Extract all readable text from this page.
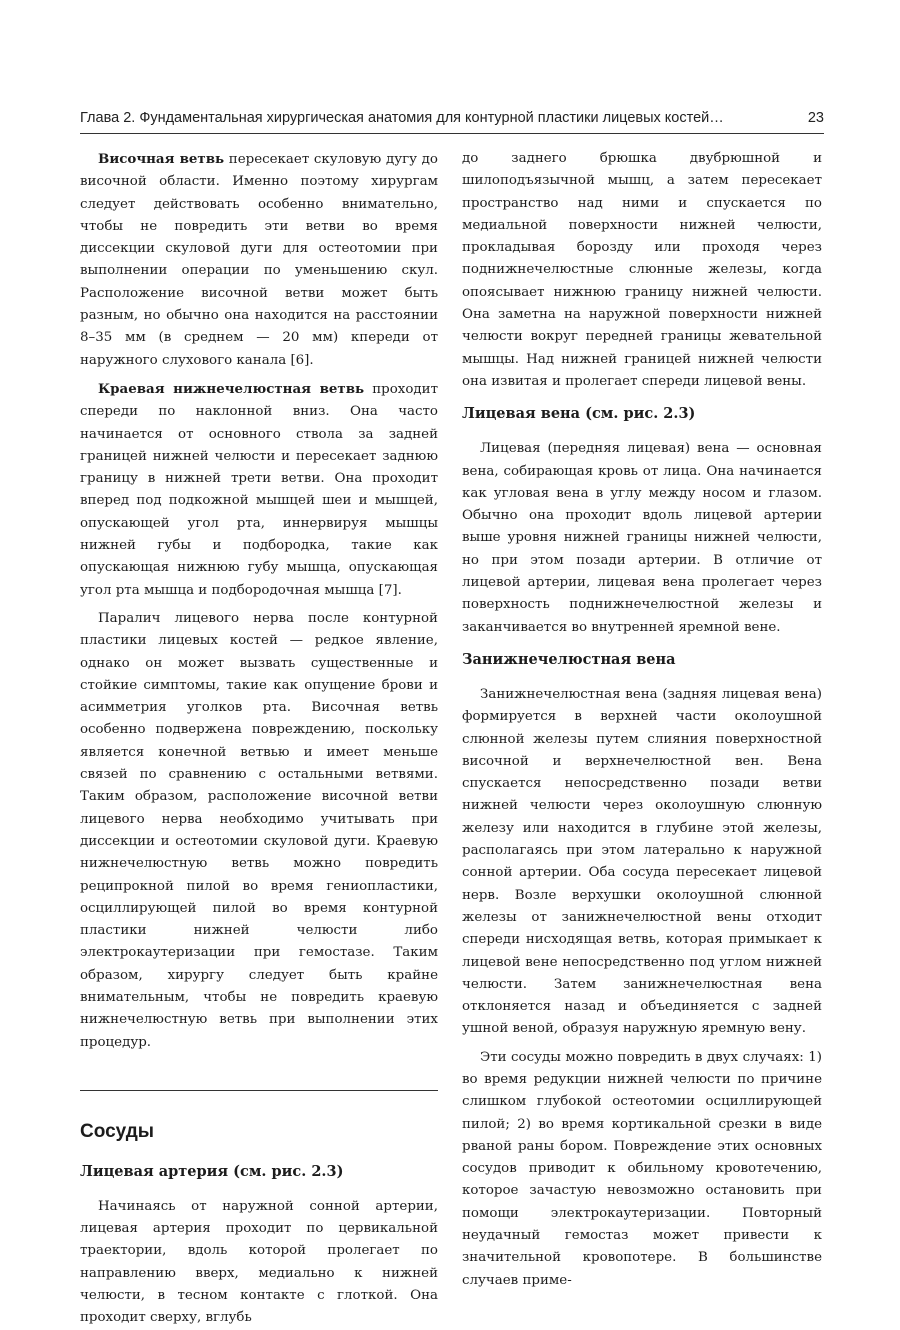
Глава 2. Фундаментальная хирургическая анатомия для контурной пластики лицевых костей…	23

Височная ветвь пересекает скуловую дугу до височной области. Именно поэтому хирургам следует действовать особенно внимательно, чтобы не повредить эти ветви во время диссекции скуловой дуги для остеотомии при выполнении операции по уменьшению скул. Расположение височной ветви может быть разным, но обычно она находится на расстоянии 8–35 мм (в среднем — 20 мм) кпереди от наружного слухового канала [6].

Краевая нижнечелюстная ветвь проходит спереди по наклонной вниз. Она часто начинается от основного ствола за задней границей нижней челюсти и пересекает заднюю границу в нижней трети ветви. Она проходит вперед под подкожной мышцей шеи и мышцей, опускающей угол рта, иннервируя мышцы нижней губы и подбородка, такие как опускающая нижнюю губу мышца, опускающая угол рта мышца и подбородочная мышца [7].

Паралич лицевого нерва после контурной пластики лицевых костей — редкое явление, однако он может вызвать существенные и стойкие симптомы, такие как опущение брови и асимметрия уголков рта. Височная ветвь особенно подвержена повреждению, поскольку является конечной ветвью и имеет меньше связей по сравнению с остальными ветвями. Таким образом, расположение височной ветви лицевого нерва необходимо учитывать при диссекции и остеотомии скуловой дуги. Краевую нижнечелюстную ветвь можно повредить реципрокной пилой во время гениопластики, осциллирующей пилой во время контурной пластики нижней челюсти либо электрокаутеризации при гемостазе. Таким образом, хирургу следует быть крайне внимательным, чтобы не повредить краевую нижнечелюстную ветвь при выполнении этих процедур.

Сосуды
Лицевая артерия (см. рис. 2.3)

Начинаясь от наружной сонной артерии, лицевая артерия проходит по цервикальной траектории, вдоль которой пролегает по направлению вверх, медиально к нижней челюсти, в тесном контакте с глоткой. Она проходит сверху, вглубь

до заднего брюшка двубрюшной и шилоподъязычной мышц, а затем пересекает пространство над ними и спускается по медиальной поверхности нижней челюсти, прокладывая борозду или проходя через поднижнечелюстные слюнные железы, когда опоясывает нижнюю границу нижней челюсти. Она заметна на наружной поверхности нижней челюсти вокруг передней границы жевательной мышцы. Над нижней границей нижней челюсти она извитая и пролегает спереди лицевой вены.

Лицевая вена (см. рис. 2.3)

Лицевая (передняя лицевая) вена — основная вена, собирающая кровь от лица. Она начинается как угловая вена в углу между носом и глазом. Обычно она проходит вдоль лицевой артерии выше уровня нижней границы нижней челюсти, но при этом позади артерии. В отличие от лицевой артерии, лицевая вена пролегает через поверхность поднижнечелюстной железы и заканчивается во внутренней яремной вене.

Занижнечелюстная вена

Занижнечелюстная вена (задняя лицевая вена) формируется в верхней части околоушной слюнной железы путем слияния поверхностной височной и верхнечелюстной вен. Вена спускается непосредственно позади ветви нижней челюсти через околоушную слюнную железу или находится в глубине этой железы, располагаясь при этом латерально к наружной сонной артерии. Оба сосуда пересекает лицевой нерв. Возле верхушки околоушной слюнной железы от занижнечелюстной вены отходит спереди нисходящая ветвь, которая примыкает к лицевой вене непосредственно под углом нижней челюсти. Затем занижнечелюстная вена отклоняется назад и объединяется с задней ушной веной, образуя наружную яремную вену.

Эти сосуды можно повредить в двух случаях: 1) во время редукции нижней челюсти по причине слишком глубокой остеотомии осциллирующей пилой; 2) во время кортикальной срезки в виде рваной раны бором. Повреждение этих основных сосудов приводит к обильному кровотечению, которое зачастую невозможно остановить при помощи электрокаутеризации. Повторный неудачный гемостаз может привести к значительной кровопотере. В большинстве случаев приме-
